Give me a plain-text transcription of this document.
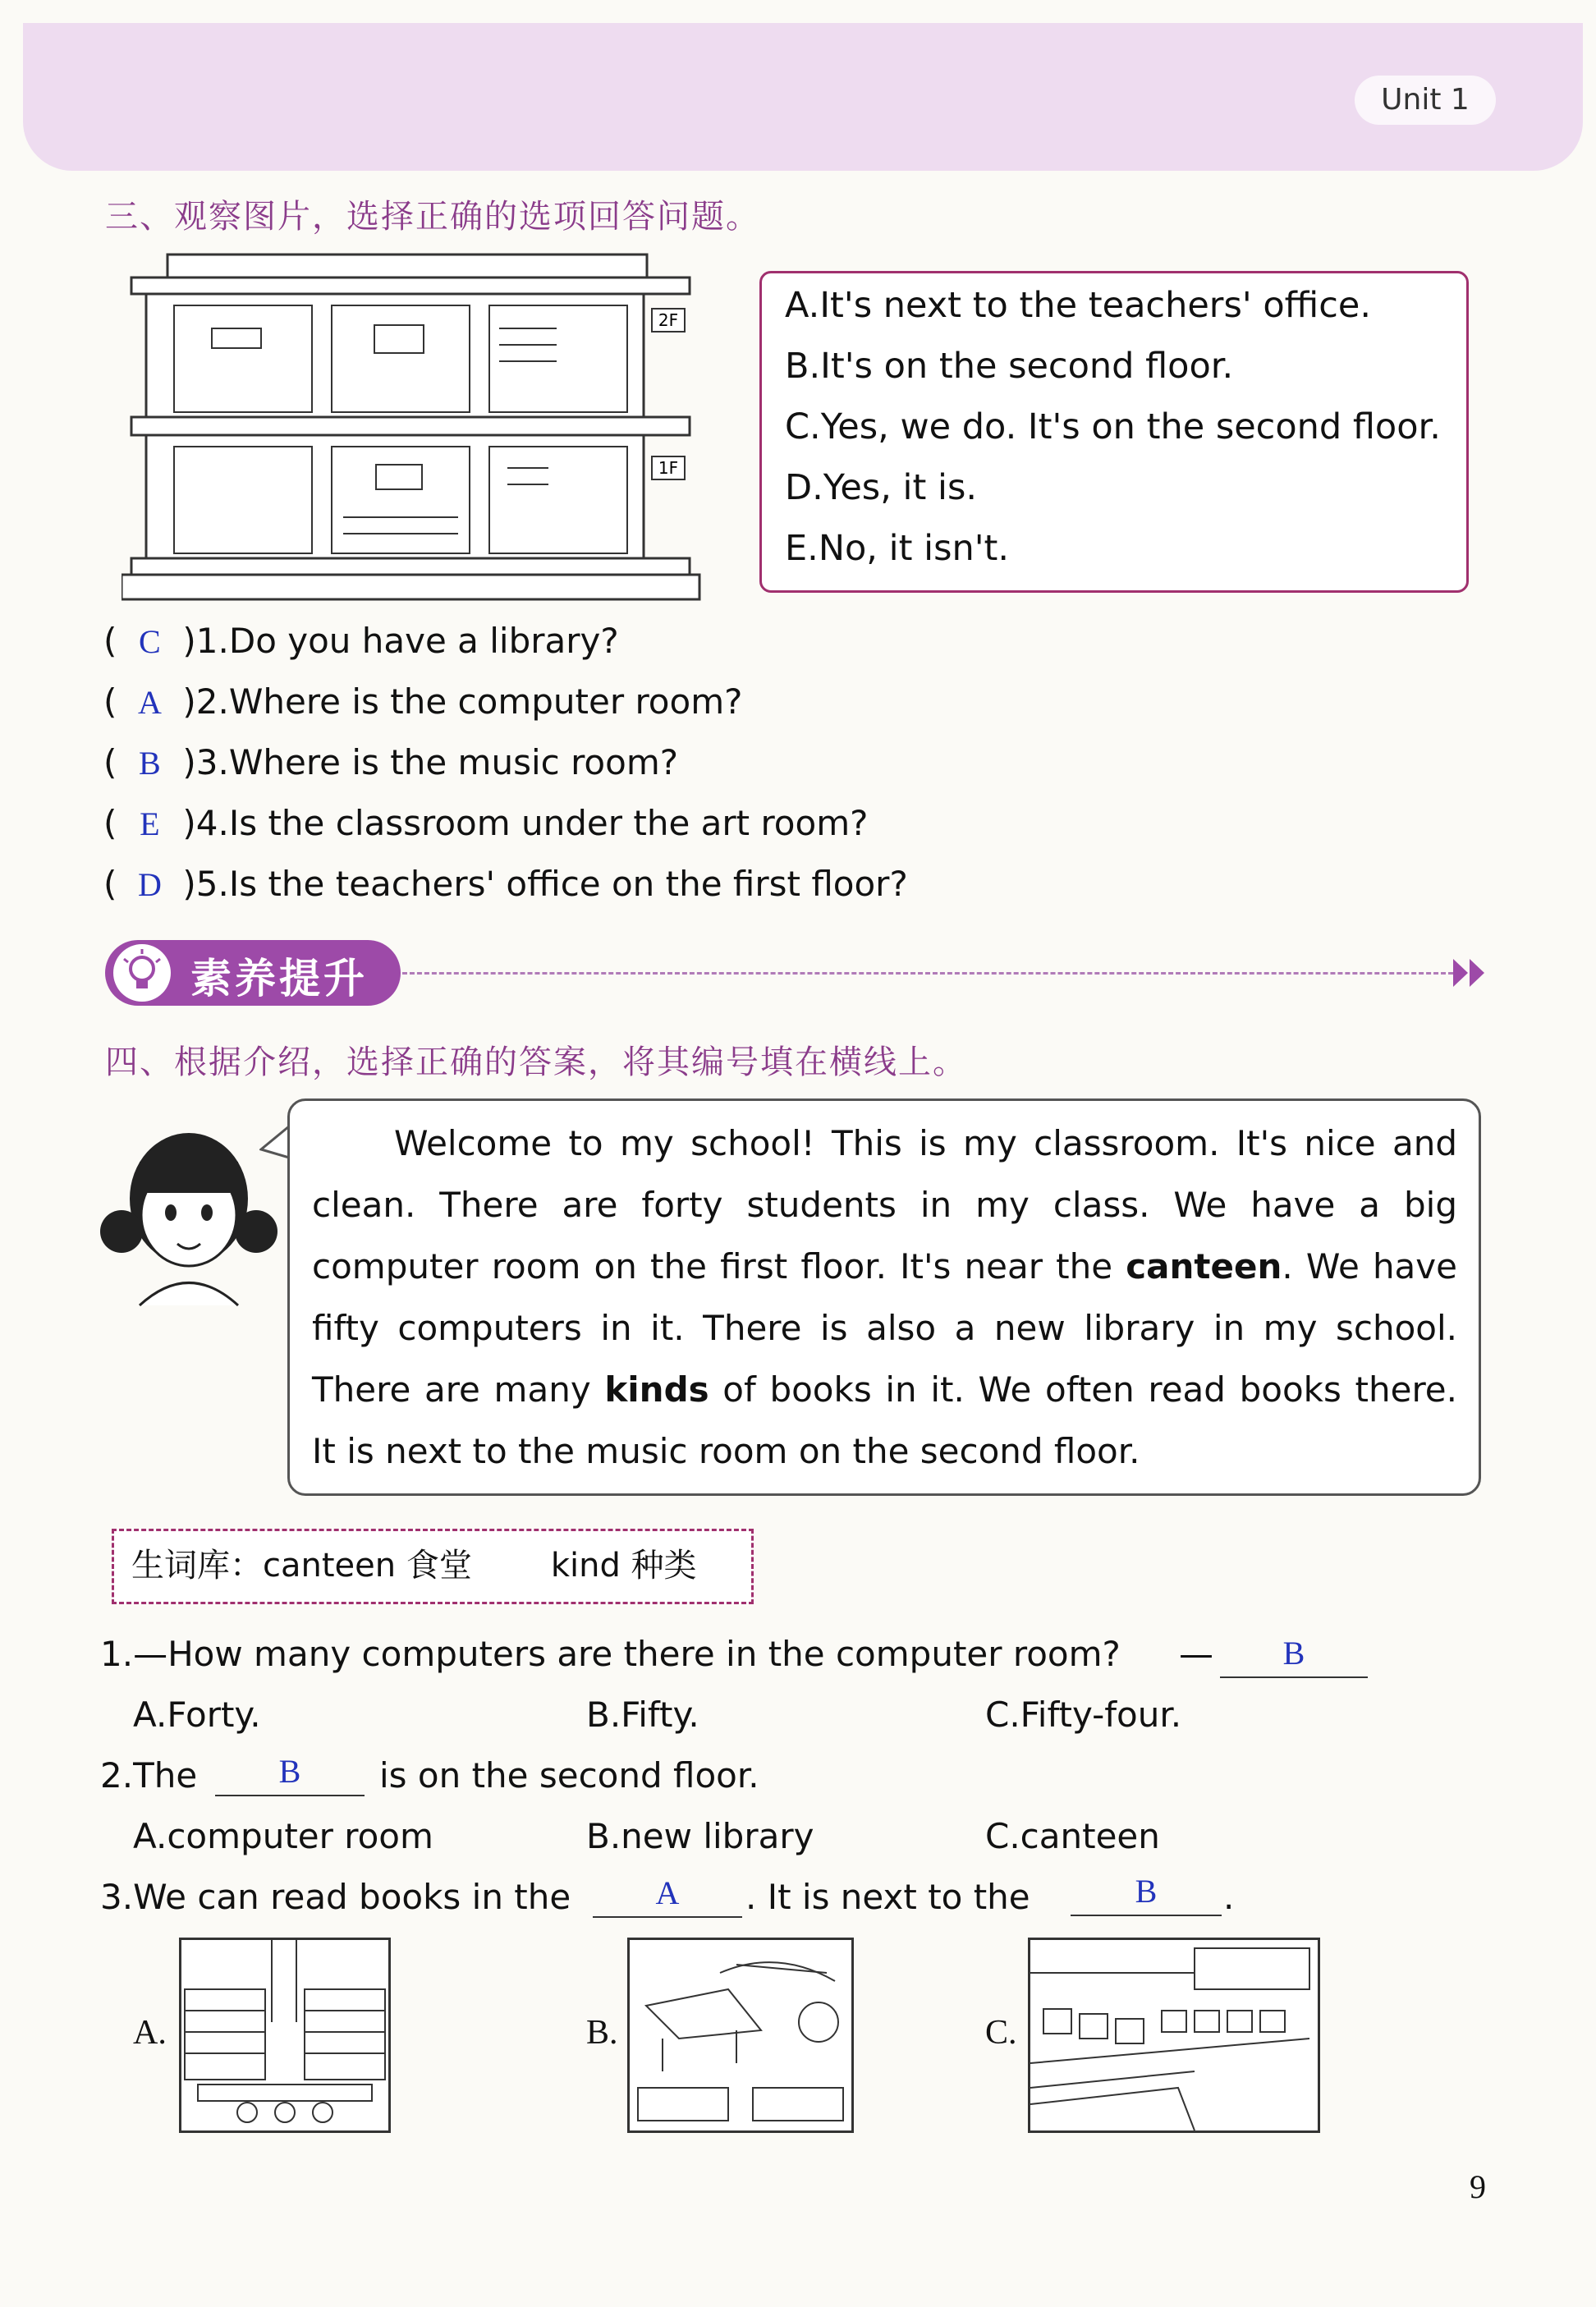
Unit 1
三、观察图片，选择正确的选项回答问题。

2F
1F
A.It's next to the teachers' office.
B.It's on the second floor.
C.Yes, we do. It's on the second floor.
D.Yes, it is.
E.No, it isn't.
( C )1.Do you have a library?
( A )2.Where is the computer room?
( B )3.Where is the music room?
( E )4.Is the classroom under the art room?
( D )5.Is the teachers' office on the first floor?
素养提升
四、根据介绍，选择正确的答案，将其编号填在横线上。
Welcome to my school! This is my classroom. It's nice and clean. There are forty students in my class. We have a big computer room on the first floor. It's near the canteen. We have fifty computers in it. There is also a new library in my school. There are many kinds of books in it. We often read books there. It is next to the music room on the second floor.
生词库：canteen 食堂 kind 种类
1.—How many computers are there in the computer room? —	B
A.Forty.	B.Fifty.	C.Fifty-four.
2.The	B	is on the second floor.
A.computer room	B.new library	C.canteen
3.We can read books in the	A	. It is next to the	B	.
A.	B.	C.
9
